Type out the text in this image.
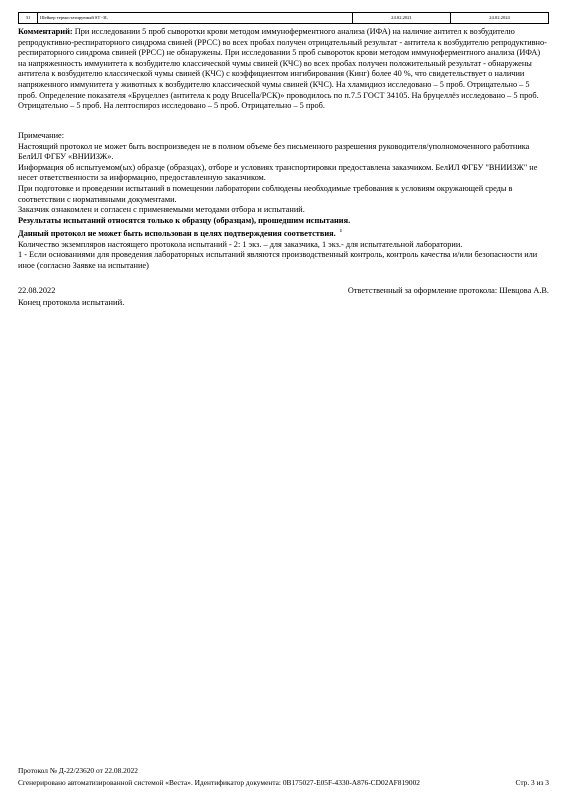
31	Шейкер термостатируемый ST -3L	24.02.2021	24.02.2024
Комментарий: При исследовании 5 проб сыворотки крови методом иммуноферментного анализа (ИФА) на наличие антител к возбудителю репродуктивно-респираторного синдрома свиней (РРСС) во всех пробах получен отрицательный результат - антитела к возбудителю репродуктивно-респираторного синдрома свиней (РРСС) не обнаружены. При исследовании 5 проб сывороток крови методом иммуноферментного анализа (ИФА) на напряженность иммунитета к возбудителю классической чумы свиней (КЧС) во всех пробах получен положительный результат - обнаружены антитела к возбудителю классической чумы свиней (КЧС) с коэффициентом ингибирования (Кинг) более 40 %, что свидетельствует о наличии напряженного иммунитета у животных к возбудителю классической чумы свиней (КЧС). На хламидиоз исследовано – 5 проб. Отрицательно – 5 проб. Определение показателя «Бруцеллез (антитела к роду Brucella/РСК)» проводилось по п.7.5 ГОСТ 34105. На бруцеллёз исследовано – 5 проб. Отрицательно – 5 проб. На лептоспироз исследовано – 5 проб. Отрицательно – 5 проб.

Примечание:

Настоящий протокол не может быть воспроизведен не в полном объеме без письменного разрешения руководителя/уполномоченного работника БелИЛ ФГБУ «ВНИИЗЖ».

Информация об испытуемом(ых) образце (образцах), отборе и условиях транспортировки предоставлена заказчиком. БелИЛ ФГБУ "ВНИИЗЖ" не несет ответственности за информацию, предоставленную заказчиком.

При подготовке и проведении испытаний в помещении лаборатории соблюдены необходимые требования к условиям окружающей среды в соответствии с нормативными документами.

Заказчик ознакомлен и согласен с применяемыми методами отбора и испытаний.

Результаты испытаний относятся только к образцу (образцам), прошедшим испытания.

Данный протокол не может быть использован в целях подтверждения соответствия. $^1$

Количество экземпляров настоящего протокола испытаний - 2: 1 экз. – для заказчика, 1 экз.- для испытательной лаборатории.

1 - Если основаниями для проведения лабораторных испытаний являются производственный контроль, контроль качества и/или безопасности или иное (согласно Заявке на испытание)

22.08.2022	Ответственный за оформление протокола: Шевцова А.В.
Конец протокола испытаний.
Протокол № Д-22/23620 от 22.08.2022
Сгенерировано автоматизированной системой «Веста». Идентификатор документа: 0B175027-E05F-4330-A876-CD02AF819002	Стр. 3 из 3
